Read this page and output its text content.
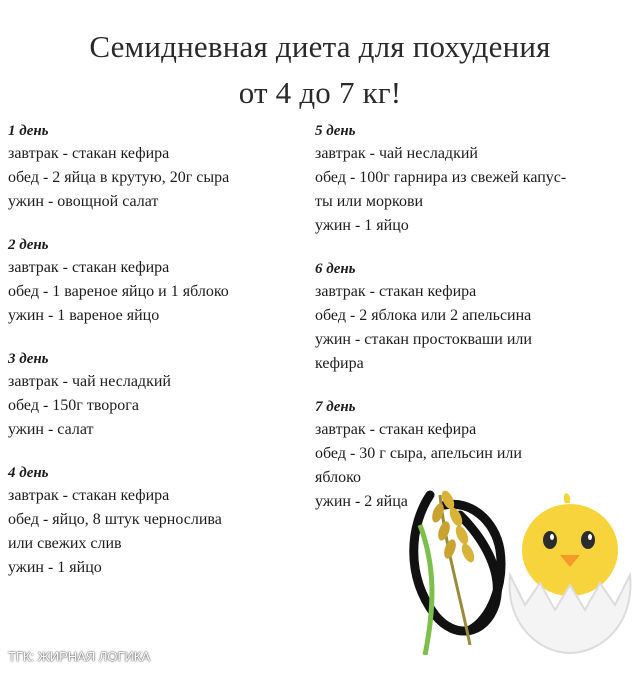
Семидневная диета для похудения
от 4 до 7 кг!
1 день
завтрак - стакан кефира
обед - 2 яйца в крутую, 20г сыра
ужин - овощной салат
2 день
завтрак - стакан кефира
обед - 1 вареное яйцо и 1 яблоко
ужин - 1 вареное яйцо
3 день
завтрак - чай несладкий
обед - 150г творога
ужин - салат
4 день
завтрак - стакан кефира
обед - яйцо, 8 штук чернослива
или свежих слив
ужин - 1 яйцо
5 день
завтрак - чай несладкий
обед - 100г гарнира из свежей капус-
ты или моркови
ужин - 1 яйцо
6 день
завтрак - стакан кефира
обед - 2 яблока или 2 апельсина
ужин - стакан простокваши или
кефира
7 день
завтрак - стакан кефира
обед - 30 г сыра, апельсин или
яблоко
ужин - 2 яйца
ТГК: ЖИРНАЯ ЛОГИКА
